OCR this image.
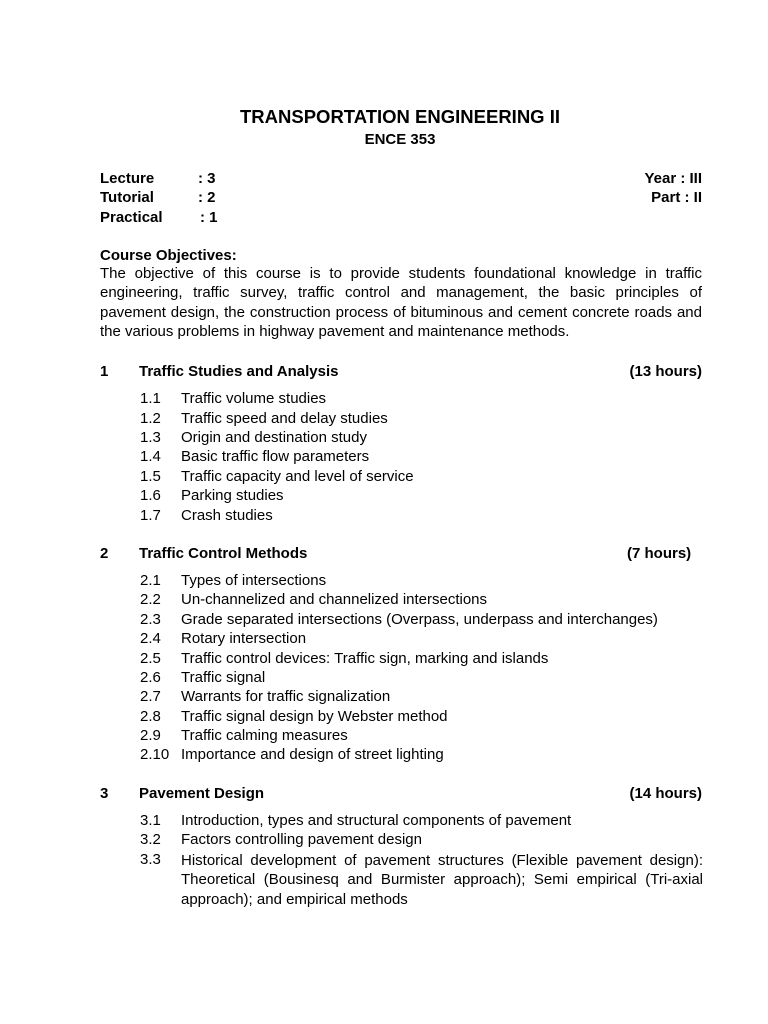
TRANSPORTATION ENGINEERING II
ENCE 353
Lecture	: 3
Tutorial	: 2
Practical : 1
Year : III
Part : II
Course Objectives:
The objective of this course is to provide students foundational knowledge in traffic engineering, traffic survey, traffic control and management, the basic principles of pavement design, the construction process of bituminous and cement concrete roads and the various problems in highway pavement and maintenance methods.
1 Traffic Studies and Analysis	(13 hours)
1.1 Traffic volume studies
1.2 Traffic speed and delay studies
1.3 Origin and destination study
1.4 Basic traffic flow parameters
1.5 Traffic capacity and level of service
1.6 Parking studies
1.7 Crash studies
2 Traffic Control Methods	(7 hours)
2.1 Types of intersections
2.2 Un-channelized and channelized intersections
2.3 Grade separated intersections (Overpass, underpass and interchanges)
2.4 Rotary intersection
2.5 Traffic control devices: Traffic sign, marking and islands
2.6 Traffic signal
2.7 Warrants for traffic signalization
2.8 Traffic signal design by Webster method
2.9 Traffic calming measures
2.10 Importance and design of street lighting
3 Pavement Design	(14 hours)
3.1 Introduction, types and structural components of pavement
3.2 Factors controlling pavement design
3.3 Historical development of pavement structures (Flexible pavement design): Theoretical (Bousinesq and Burmister approach); Semi empirical (Tri-axial approach); and empirical methods
